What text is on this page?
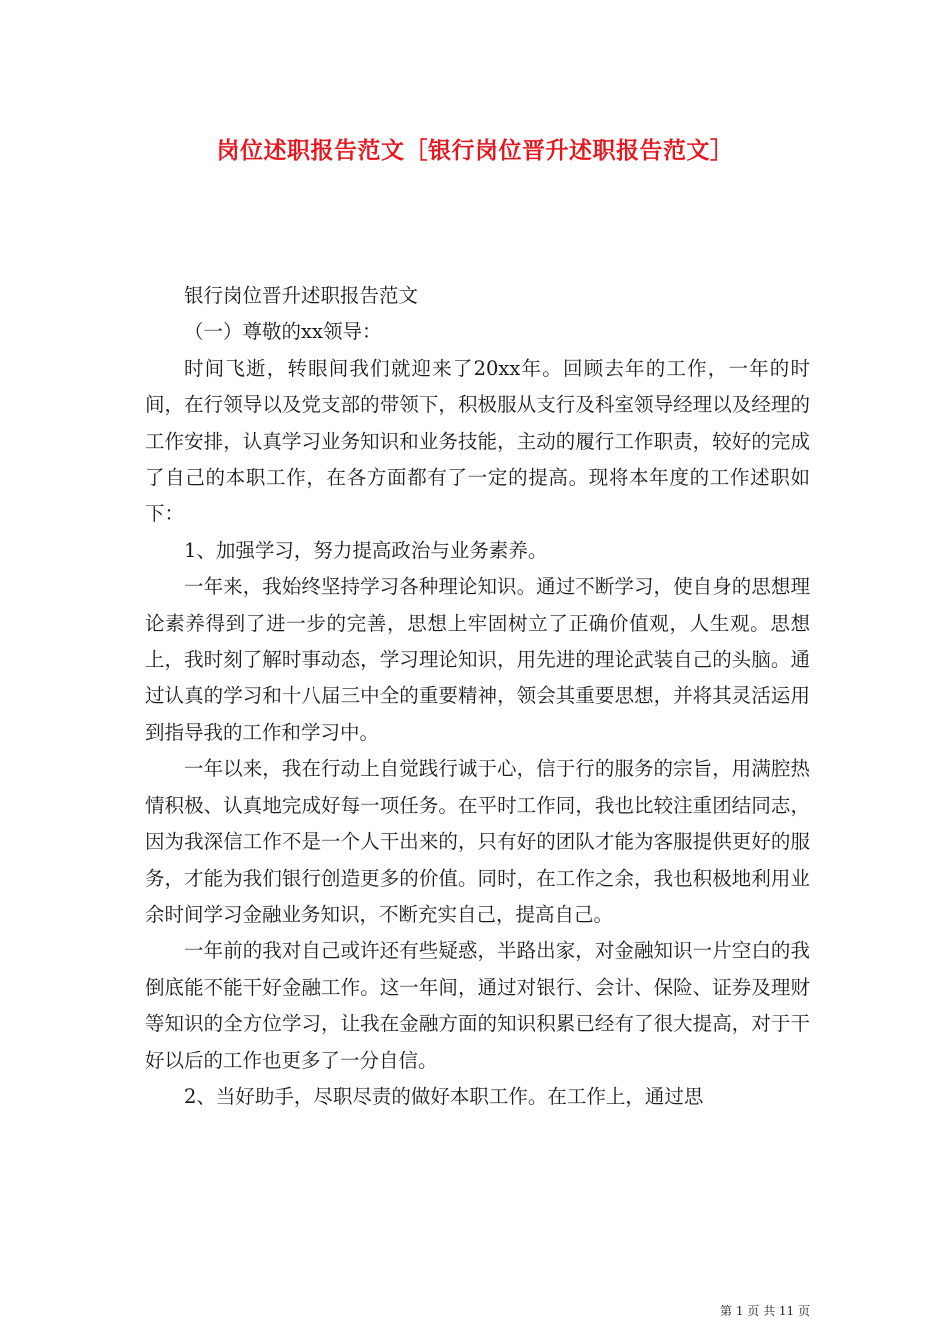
岗位述职报告范文［银行岗位晋升述职报告范文］

银行岗位晋升述职报告范文

（一）尊敬的xx领导：

时间飞逝，转眼间我们就迎来了20xx年。回顾去年的工作，一年的时间，在行领导以及党支部的带领下，积极服从支行及科室领导经理以及经理的工作安排，认真学习业务知识和业务技能，主动的履行工作职责，较好的完成了自己的本职工作，在各方面都有了一定的提高。现将本年度的工作述职如下：

1、加强学习，努力提高政治与业务素养。

一年来，我始终坚持学习各种理论知识。通过不断学习，使自身的思想理论素养得到了进一步的完善，思想上牢固树立了正确价值观，人生观。思想上，我时刻了解时事动态，学习理论知识，用先进的理论武装自己的头脑。通过认真的学习和十八届三中全的重要精神，领会其重要思想，并将其灵活运用到指导我的工作和学习中。

一年以来，我在行动上自觉践行诚于心，信于行的服务的宗旨，用满腔热情积极、认真地完成好每一项任务。在平时工作同，我也比较注重团结同志，因为我深信工作不是一个人干出来的，只有好的团队才能为客服提供更好的服务，才能为我们银行创造更多的价值。同时，在工作之余，我也积极地利用业余时间学习金融业务知识，不断充实自己，提高自己。

一年前的我对自己或许还有些疑惑，半路出家，对金融知识一片空白的我倒底能不能干好金融工作。这一年间，通过对银行、会计、保险、证券及理财等知识的全方位学习，让我在金融方面的知识积累已经有了很大提高，对于干好以后的工作也更多了一分自信。

2、当好助手，尽职尽责的做好本职工作。在工作上，通过思

第 1 页 共 11 页
